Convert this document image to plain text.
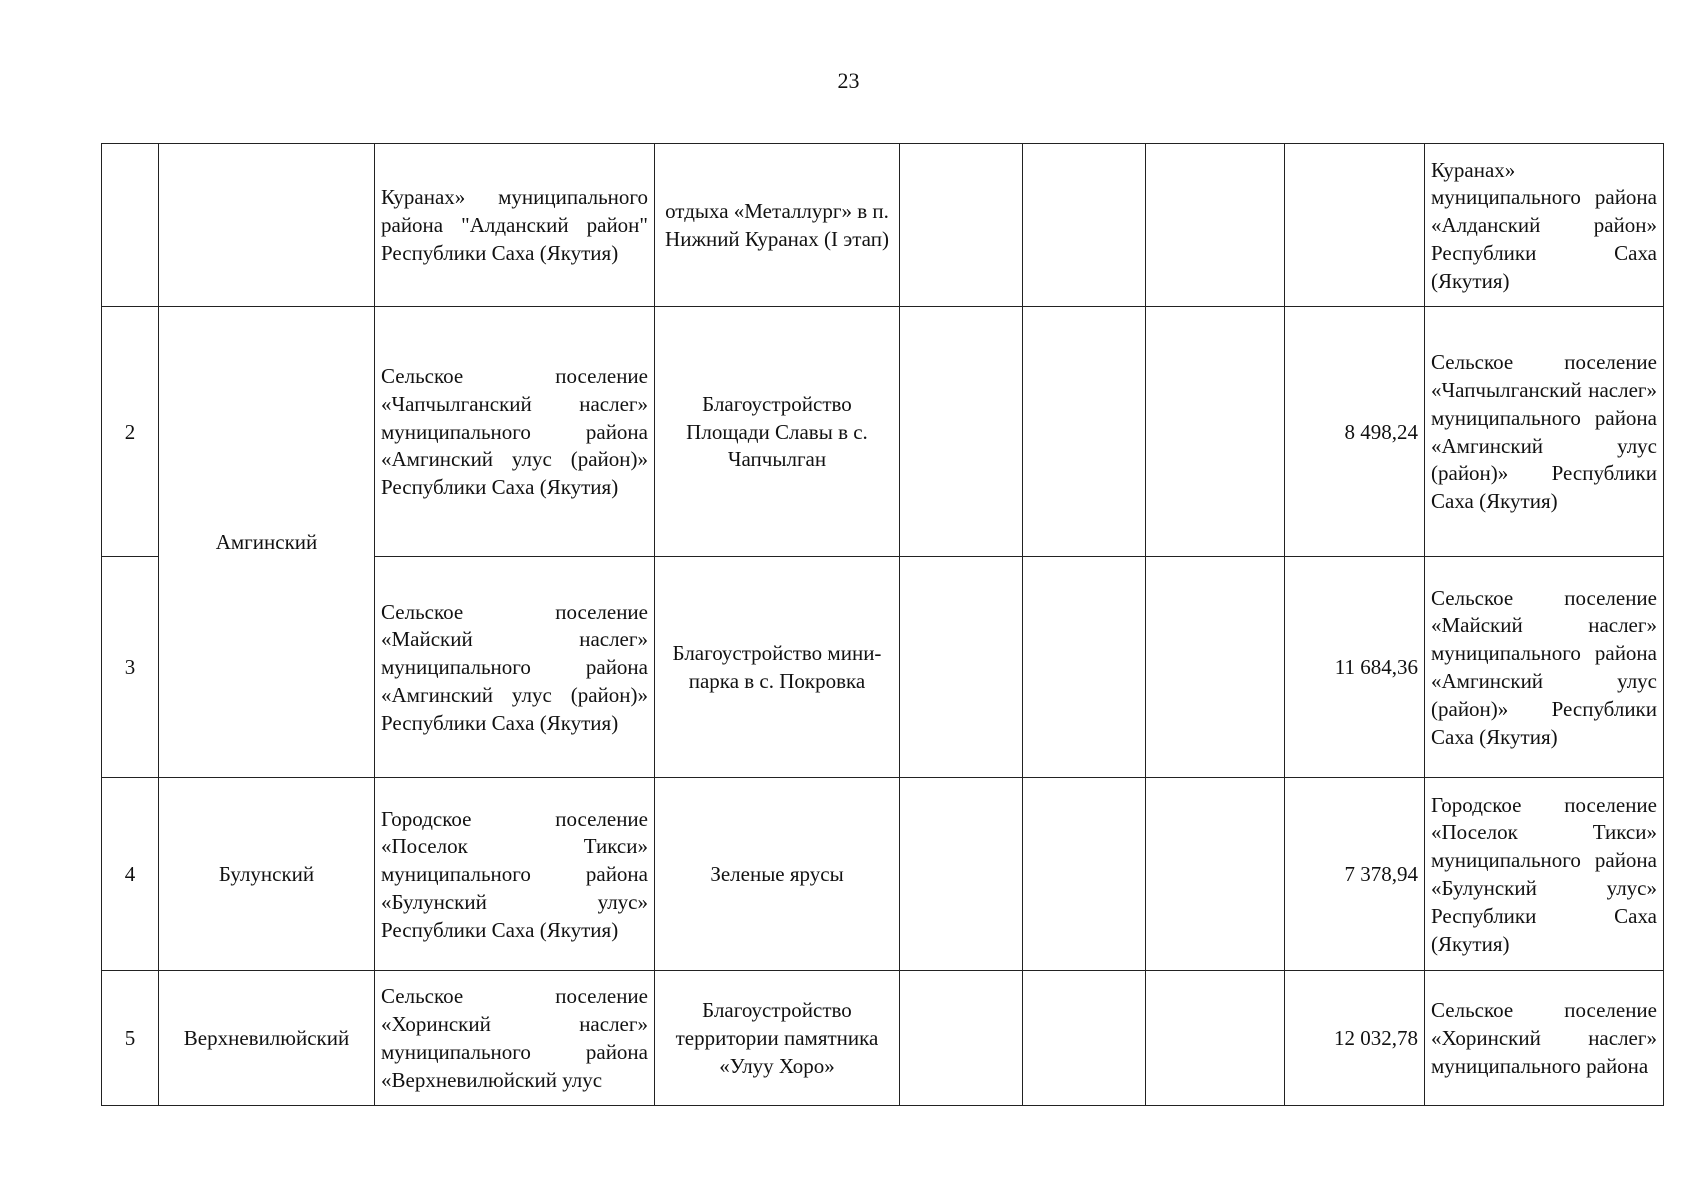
23
		Куранах» муниципального района "Алданский район" Республики Саха (Якутия)	отдыха «Металлург» в п. Нижний Куранах (I этап)					Куранах» муниципального района «Алданский район» Республики Саха (Якутия)
2	Амгинский	Сельское поселение «Чапчылганский наслег» муниципального района «Амгинский улус (район)» Республики Саха (Якутия)	Благоустройство Площади Славы в с. Чапчылган				8 498,24	Сельское поселение «Чапчылганский наслег» муниципального района «Амгинский улус (район)» Республики Саха (Якутия)
3		Сельское поселение «Майский наслег» муниципального района «Амгинский улус (район)» Республики Саха (Якутия)	Благоустройство мини-парка в с. Покровка				11 684,36	Сельское поселение «Майский наслег» муниципального района «Амгинский улус (район)» Республики Саха (Якутия)
4	Булунский	Городское поселение «Поселок Тикси» муниципального района «Булунский улус» Республики Саха (Якутия)	Зеленые ярусы				7 378,94	Городское поселение «Поселок Тикси» муниципального района «Булунский улус» Республики Саха (Якутия)
5	Верхневилюйский	Сельское поселение «Хоринский наслег» муниципального района «Верхневилюйский улус	Благоустройство территории памятника «Улуу Хоро»				12 032,78	Сельское поселение «Хоринский наслег» муниципального района
